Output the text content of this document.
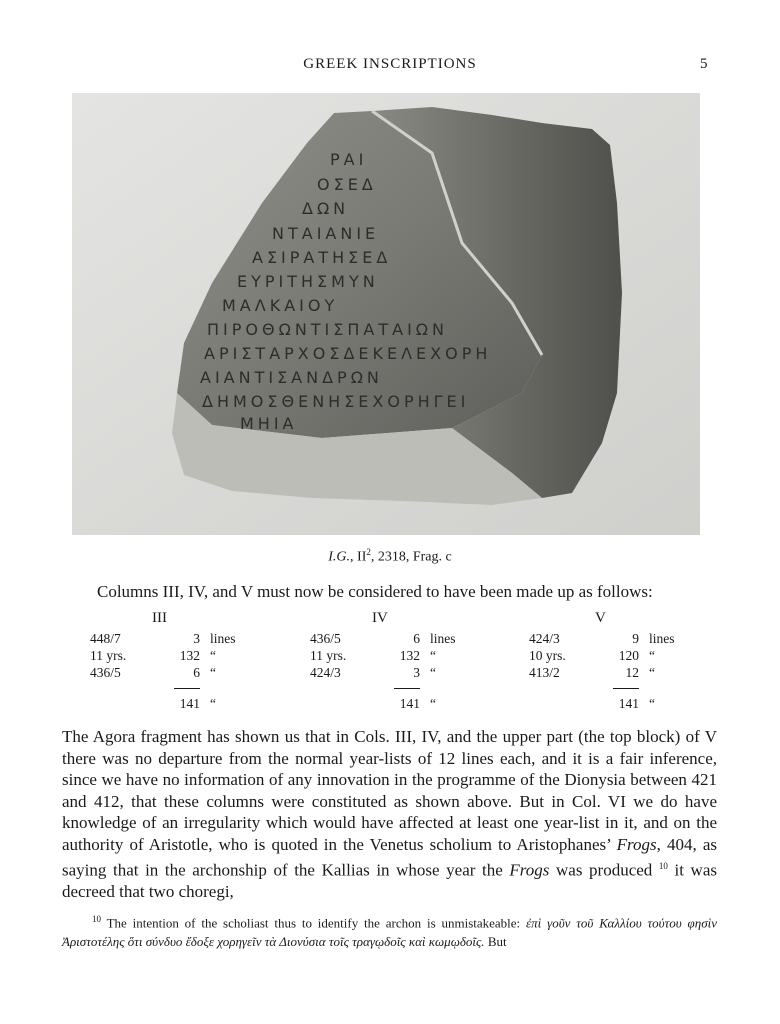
GREEK INSCRIPTIONS	5
ΡΑΙ
ΟΣΕΔ
ΔΩΝ
ΝΤΑΙΑΝΙΕ
ΑΣΙΡΑΤΗΣΕΔ
ΕΥΡΙΤΗΣΜΥΝ
ΜΑΛΚΑΙΟΥ
ΠΙΡΟΘΩΝΤΙΣΠΑΤΑΙΩΝ
ΑΡΙΣΤΑΡΧΟΣΔΕΚΕΛΕΧΟΡΗ
ΑΙΑΝΤΙΣΑΝΔΡΩΝ
ΔΗΜΟΣΘΕΝΗΣΕΧΟΡΗΓΕΙ
ΜΗΙΑ
I.G., $II^2$, 2318, Frag. c
Columns III, IV, and V must now be considered to have been made up as follows:
III
448/7	3 lines
11 yrs.	132 “
436/5	6 “
141 “
IV
436/5	6 lines
11 yrs.	132 “
424/3	3 “
141 “
V
424/3	9 lines
10 yrs.	120 “
413/2	12 “
141 “

The Agora fragment has shown us that in Cols. III, IV, and the upper part (the top block) of V there was no departure from the normal year-lists of 12 lines each, and it is a fair inference, since we have no information of any innovation in the programme of the Dionysia between 421 and 412, that these columns were constituted as shown above. But in Col. VI we do have knowledge of an irregularity which would have affected at least one year-list in it, and on the authority of Aristotle, who is quoted in the Venetus scholium to Aristophanes’ Frogs, 404, as saying that in the archonship of the Kallias in whose year the Frogs was produced $^{10}$ it was decreed that two choregi,

$^{10}$ The intention of the scholiast thus to identify the archon is unmistakeable: ἐπὶ γοῦν τοῦ Καλλίου τούτου φησὶν Ἀριστοτέλης ὅτι σύνδυο ἔδοξε χορηγεῖν τὰ Διονύσια τοῖς τραγῳδοῖς καὶ κωμῳδοῖς. But
